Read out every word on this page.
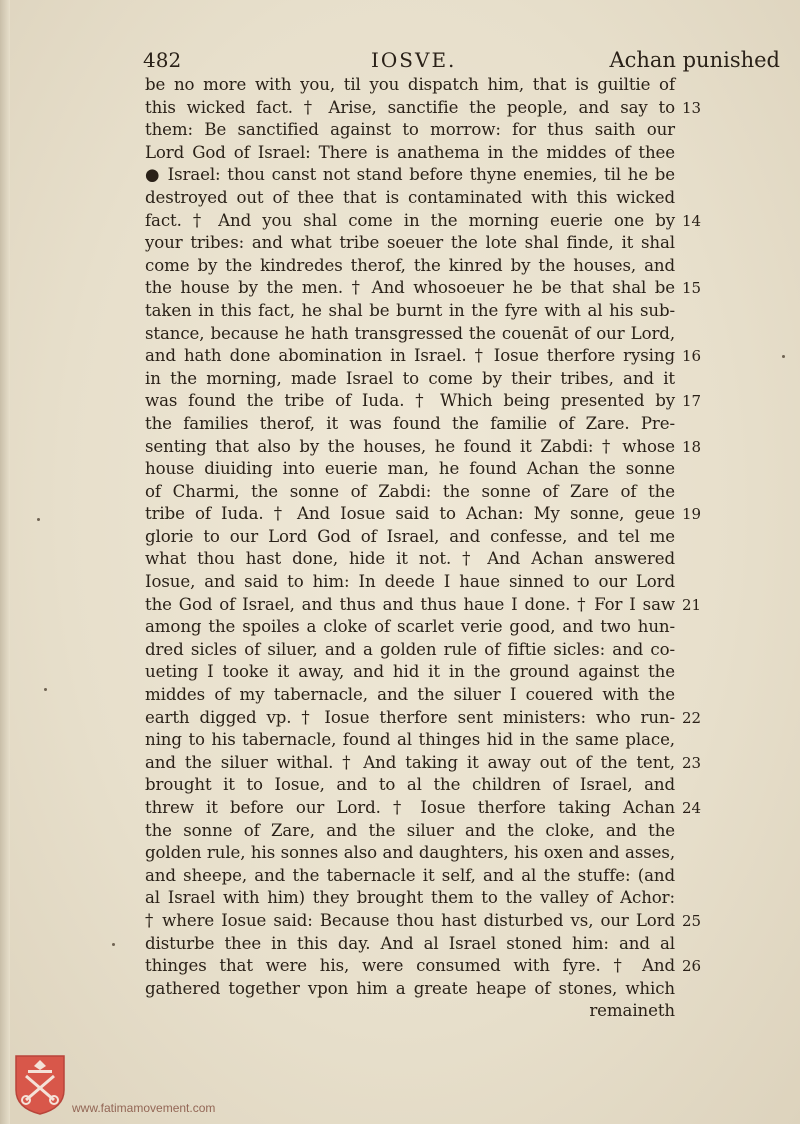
482	IOSVE.	Achan punished
be no more with you, til you dispatch him, that is guiltie of
this wicked fact. † Arise, sanctifie the people, and say to
them: Be sanctified against to morrow: for thus saith our
Lord God of Israel: There is anathema in the middes of thee
● Israel: thou canst not stand before thyne enemies, til he be
destroyed out of thee that is contaminated with this wicked
fact. † And you shal come in the morning euerie one by
your tribes: and what tribe soeuer the lote shal finde, it shal
come by the kindredes therof, the kinred by the houses, and
the house by the men. † And whosoeuer he be that shal be
taken in this fact, he shal be burnt in the fyre with al his sub-
stance, because he hath transgressed the couenāt of our Lord,
and hath done abomination in Israel. † Iosue therfore rysing
in the morning, made Israel to come by their tribes, and it
was found the tribe of Iuda. † Which being presented by
the families therof, it was found the familie of Zare. Pre-
senting that also by the houses, he found it Zabdi: † whose
house diuiding into euerie man, he found Achan the sonne
of Charmi, the sonne of Zabdi: the sonne of Zare of the
tribe of Iuda. † And Iosue said to Achan: My sonne, geue
glorie to our Lord God of Israel, and confesse, and tel me
what thou hast done, hide it not. † And Achan answered
Iosue, and said to him: In deede I haue sinned to our Lord
the God of Israel, and thus and thus haue I done. † For I saw
among the spoiles a cloke of scarlet verie good, and two hun-
dred sicles of siluer, and a golden rule of fiftie sicles: and co-
ueting I tooke it away, and hid it in the ground against the
middes of my tabernacle, and the siluer I couered with the
earth digged vp. † Iosue therfore sent ministers: who run-
ning to his tabernacle, found al thinges hid in the same place,
and the siluer withal. † And taking it away out of the tent,
brought it to Iosue, and to al the children of Israel, and
threw it before our Lord. † Iosue therfore taking Achan
the sonne of Zare, and the siluer and the cloke, and the
golden rule, his sonnes also and daughters, his oxen and asses,
and sheepe, and the tabernacle it self, and al the stuffe: (and
al Israel with him) they brought them to the valley of Achor:
† where Iosue said: Because thou hast disturbed vs, our Lord
disturbe thee in this day. And al Israel stoned him: and al
thinges that were his, were consumed with fyre. † And
gathered together vpon him a greate heape of stones, which
remaineth
13
14
15
16
17
18
19
21
22
23
24
25
26
www.fatimamovement.com
